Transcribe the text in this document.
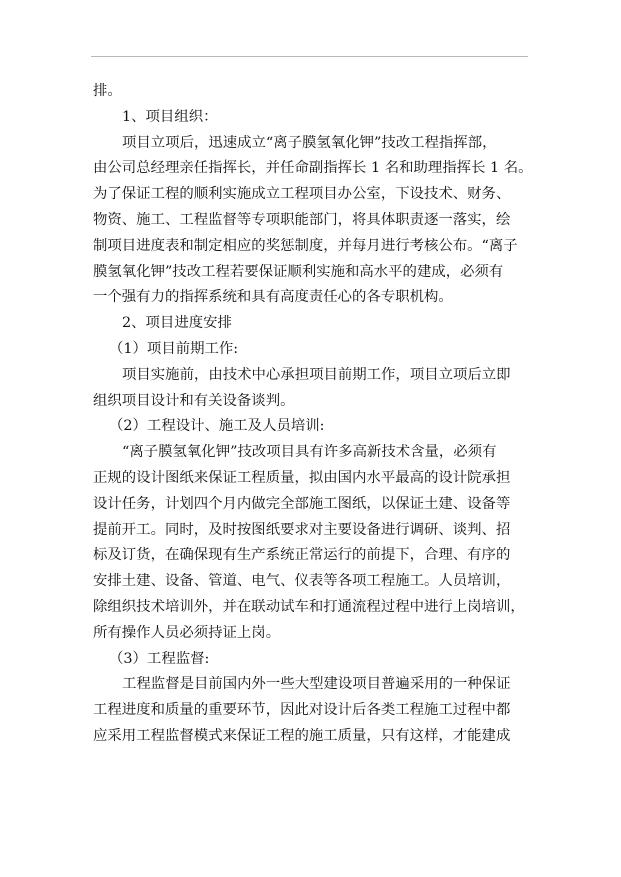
排。
1、项目组织：
项目立项后，迅速成立“离子膜氢氧化钾”技改工程指挥部，
由公司总经理亲任指挥长，并任命副指挥长 1 名和助理指挥长 1 名。
为了保证工程的顺利实施成立工程项目办公室，下设技术、财务、
物资、施工、工程监督等专项职能部门，将具体职责逐一落实，绘
制项目进度表和制定相应的奖惩制度，并每月进行考核公布。“离子
膜氢氧化钾”技改工程若要保证顺利实施和高水平的建成，必须有
一个强有力的指挥系统和具有高度责任心的各专职机构。
2、项目进度安排
（1）项目前期工作:
项目实施前，由技术中心承担项目前期工作，项目立项后立即
组织项目设计和有关设备谈判。
（2）工程设计、施工及人员培训:
“离子膜氢氧化钾”技改项目具有许多高新技术含量，必须有
正规的设计图纸来保证工程质量，拟由国内水平最高的设计院承担
设计任务，计划四个月内做完全部施工图纸，以保证土建、设备等
提前开工。同时，及时按图纸要求对主要设备进行调研、谈判、招
标及订货，在确保现有生产系统正常运行的前提下，合理、有序的
安排土建、设备、管道、电气、仪表等各项工程施工。人员培训，
除组织技术培训外，并在联动试车和打通流程过程中进行上岗培训，
所有操作人员必须持证上岗。
（3）工程监督:
工程监督是目前国内外一些大型建设项目普遍采用的一种保证
工程进度和质量的重要环节，因此对设计后各类工程施工过程中都
应采用工程监督模式来保证工程的施工质量，只有这样，才能建成
